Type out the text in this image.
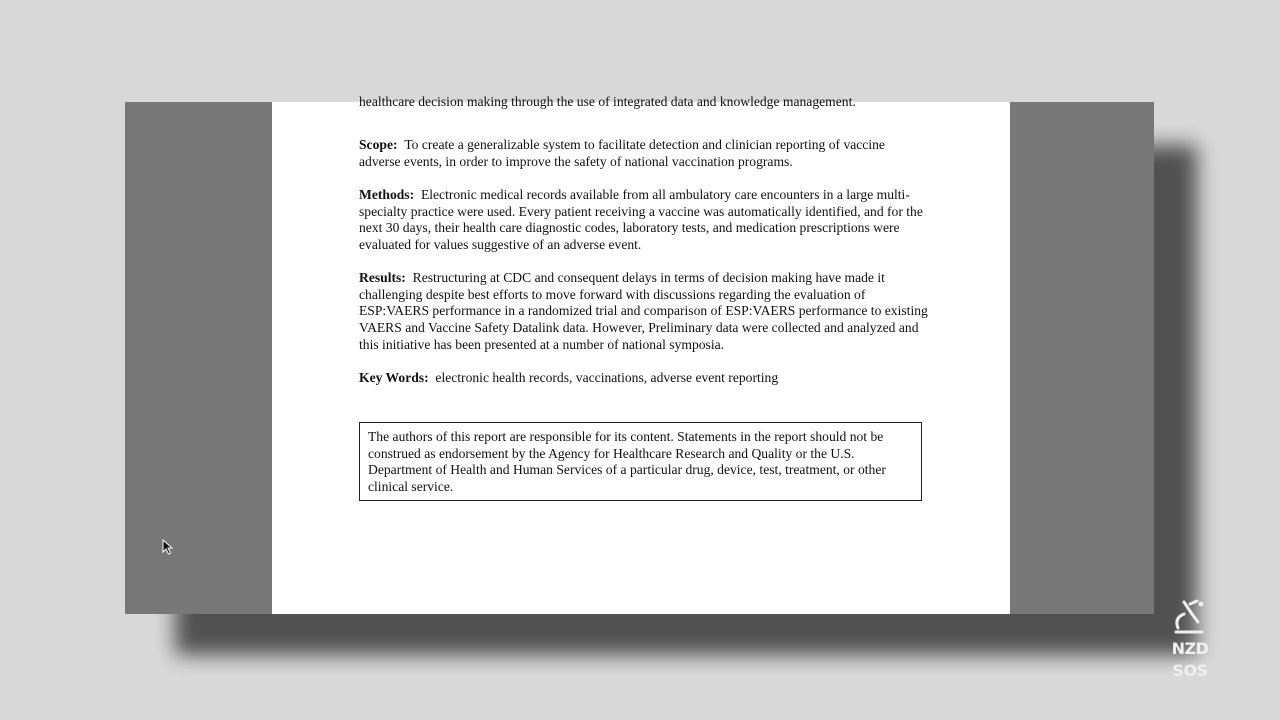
healthcare decision making through the use of integrated data and knowledge management.

Scope: To create a generalizable system to facilitate detection and clinician reporting of vaccine adverse events, in order to improve the safety of national vaccination programs.

Methods: Electronic medical records available from all ambulatory care encounters in a large multi-specialty practice were used. Every patient receiving a vaccine was automatically identified, and for the next 30 days, their health care diagnostic codes, laboratory tests, and medication prescriptions were evaluated for values suggestive of an adverse event.

Results: Restructuring at CDC and consequent delays in terms of decision making have made it challenging despite best efforts to move forward with discussions regarding the evaluation of ESP:VAERS performance in a randomized trial and comparison of ESP:VAERS performance to existing VAERS and Vaccine Safety Datalink data. However, Preliminary data were collected and analyzed and this initiative has been presented at a number of national symposia.

Key Words: electronic health records, vaccinations, adverse event reporting
The authors of this report are responsible for its content. Statements in the report should not be construed as endorsement by the Agency for Healthcare Research and Quality or the U.S. Department of Health and Human Services of a particular drug, device, test, treatment, or other clinical service.
NZD
SOS
